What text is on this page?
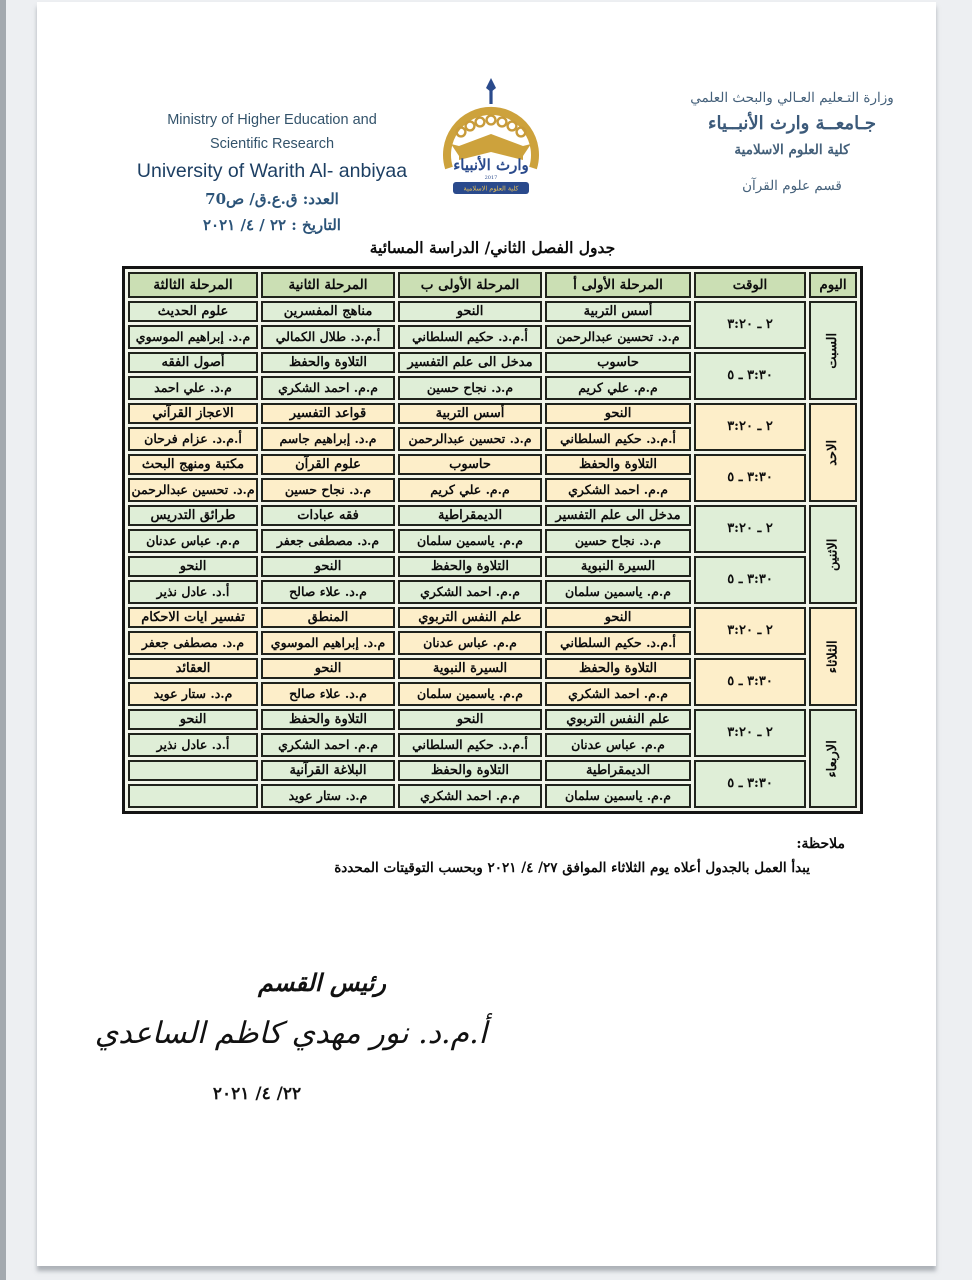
Ministry of Higher Education and
Scientific Research
University of Warith Al- anbiyaa
العدد: ق.ع.ق/ ص70
التاريخ : ٢٢ / ٤/ ٢٠٢١
وارث الأنبياء
2017
كلية العلوم الاسلامية
وزارة التـعليم العـالي والبحث العلمي
جـامعــة وارث الأنبــياء
كلية العلوم الاسلامية
قسم علوم القرآن
جدول الفصل الثاني/ الدراسة المسائية
اليوم
الوقت
المرحلة الأولى أ
المرحلة الأولى ب
المرحلة الثانية
المرحلة الثالثة
السبت
٢ ـ ٣:٢٠
٣:٣٠ ـ ٥
أسس التربية
م.د. تحسين عبدالرحمن
حاسوب
م.م. علي كريم
النحو
أ.م.د. حكيم السلطاني
مدخل الى علم التفسير
م.د. نجاح حسين
مناهج المفسرين
أ.م.د. طلال الكمالي
التلاوة والحفظ
م.م. احمد الشكري
علوم الحديث
م.د. إبراهيم الموسوي
أصول الفقه
م.د. علي احمد
الاحد
٢ ـ ٣:٢٠
٣:٣٠ ـ ٥
النحو
أ.م.د. حكيم السلطاني
التلاوة والحفظ
م.م. احمد الشكري
أسس التربية
م.د. تحسين عبدالرحمن
حاسوب
م.م. علي كريم
قواعد التفسير
م.د. إبراهيم جاسم
علوم القرآن
م.د. نجاح حسين
الاعجاز القرآني
أ.م.د. عزام فرحان
مكتبة ومنهج البحث
م.د. تحسين عبدالرحمن
الاثنين
٢ ـ ٣:٢٠
٣:٣٠ ـ ٥
مدخل الى علم التفسير
م.د. نجاح حسين
السيرة النبوية
م.م. ياسمين سلمان
الديمقراطية
م.م. ياسمين سلمان
التلاوة والحفظ
م.م. احمد الشكري
فقه عبادات
م.د. مصطفى جعفر
النحو
م.د. علاء صالح
طرائق التدريس
م.م. عباس عدنان
النحو
أ.د. عادل نذير
الثلاثاء
٢ ـ ٣:٢٠
٣:٣٠ ـ ٥
النحو
أ.م.د. حكيم السلطاني
التلاوة والحفظ
م.م. احمد الشكري
علم النفس التربوي
م.م. عباس عدنان
السيرة النبوية
م.م. ياسمين سلمان
المنطق
م.د. إبراهيم الموسوي
النحو
م.د. علاء صالح
تفسير ايات الاحكام
م.د. مصطفى جعفر
العقائد
م.د. ستار عويد
الاربعاء
٢ ـ ٣:٢٠
٣:٣٠ ـ ٥
علم النفس التربوي
م.م. عباس عدنان
الديمقراطية
م.م. ياسمين سلمان
النحو
أ.م.د. حكيم السلطاني
التلاوة والحفظ
م.م. احمد الشكري
التلاوة والحفظ
م.م. احمد الشكري
البلاغة القرآنية
م.د. ستار عويد
النحو
أ.د. عادل نذير
ملاحظة:
يبدأ العمل بالجدول أعلاه يوم الثلاثاء الموافق ٢٧/ ٤/ ٢٠٢١ وبحسب التوقيتات المحددة
رئيس القسم
أ.م.د. نور مهدي كاظم الساعدي
٢٢/ ٤/ ٢٠٢١
